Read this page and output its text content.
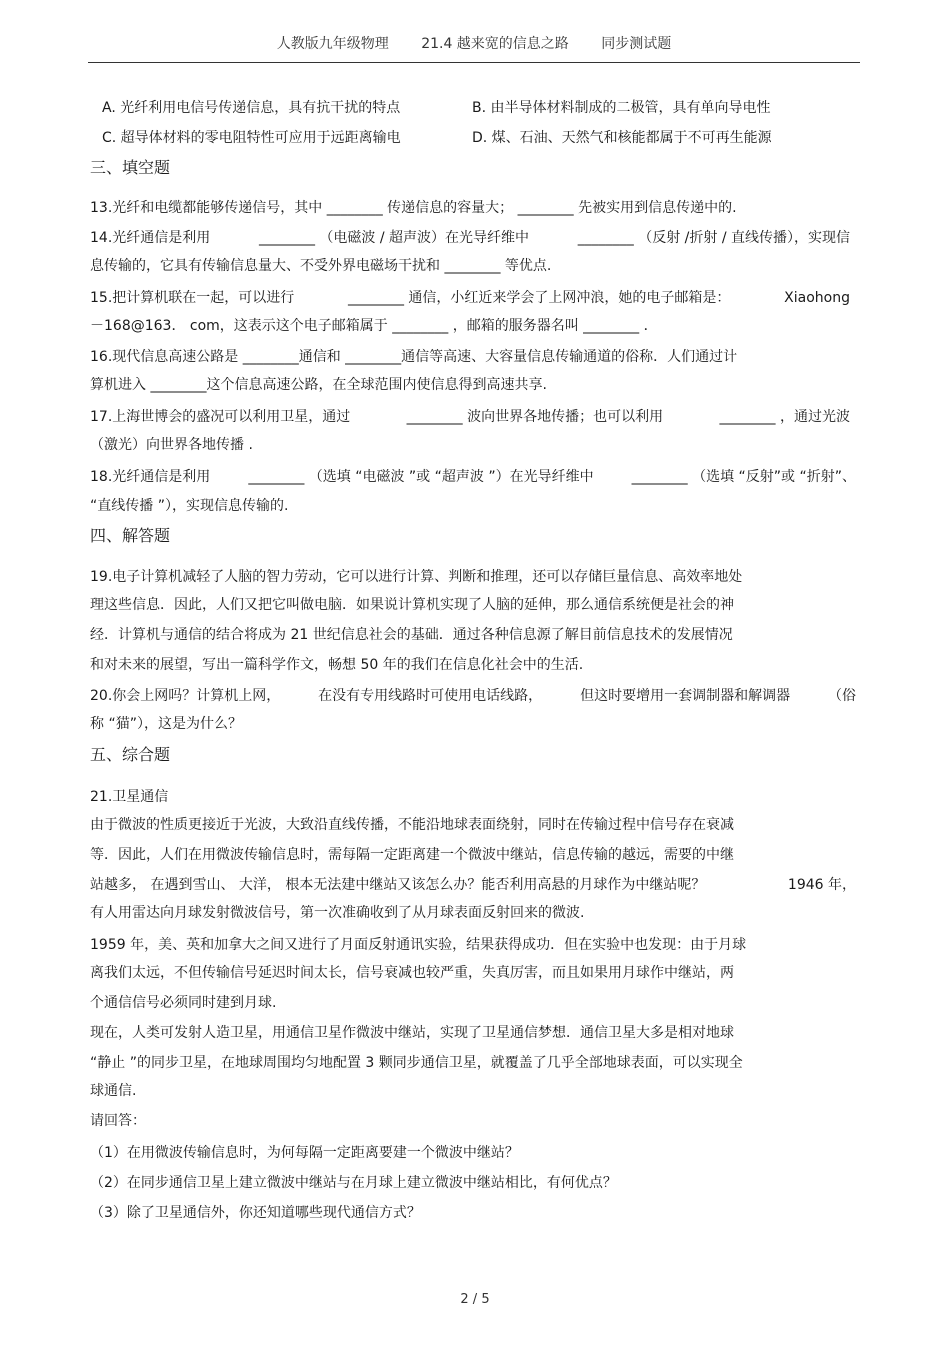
人教版九年级物理 21.4 越来宽的信息之路 同步测试题
A. 光纤利用电信号传递信息，具有抗干扰的特点	B. 由半导体材料制成的二极管，具有单向导电性
C. 超导体材料的零电阻特性可应用于远距离输电	D. 煤、石油、天然气和核能都属于不可再生能源
三、填空题
13.光纤和电缆都能够传递信号，其中 ________ 传递信息的容量大； ________ 先被实用到信息传递中的.
14.光纤通信是利用	________ （电磁波 / 超声波）在光导纤维中	________ （反射 /折射 / 直线传播），实现信
息传输的，它具有传输信息量大、不受外界电磁场干扰和 ________ 等优点.
15.把计算机联在一起，可以进行	________ 通信，小红近来学会了上网冲浪，她的电子邮箱是：	Xiaohong
－168@163． com，这表示这个电子邮箱属于 ________ ，邮箱的服务器名叫 ________ ．
16.现代信息高速公路是 ________通信和 ________通信等高速、大容量信息传输通道的俗称．人们通过计
算机进入 ________这个信息高速公路，在全球范围内使信息得到高速共享.
17.上海世博会的盛况可以利用卫星，通过	________ 波向世界各地传播；也可以利用	________ ，通过光波
（激光）向世界各地传播 .
18.光纤通信是利用	________ （选填 “电磁波 ”或 “超声波 ”）在光导纤维中	________ （选填 “反射”或 “折射”、
“直线传播 ”），实现信息传输的.
四、解答题
19.电子计算机减轻了人脑的智力劳动，它可以进行计算、判断和推理，还可以存储巨量信息、高效率地处
理这些信息．因此，人们又把它叫做电脑．如果说计算机实现了人脑的延伸，那么通信系统便是社会的神
经．计算机与通信的结合将成为 21 世纪信息社会的基础．通过各种信息源了解目前信息技术的发展情况
和对未来的展望，写出一篇科学作文，畅想 50 年的我们在信息化社会中的生活.
20.你会上网吗？计算机上网，	在没有专用线路时可使用电话线路，	但这时要增用一套调制器和解调器	（俗
称 “猫”），这是为什么？
五、综合题
21.卫星通信
由于微波的性质更接近于光波，大致沿直线传播，不能沿地球表面绕射，同时在传输过程中信号存在衰减
等．因此，人们在用微波传输信息时，需每隔一定距离建一个微波中继站，信息传输的越远，需要的中继
站越多， 在遇到雪山、 大洋， 根本无法建中继站又该怎么办？能否利用高悬的月球作为中继站呢？	1946 年，
有人用雷达向月球发射微波信号，第一次准确收到了从月球表面反射回来的微波.
1959 年，美、英和加拿大之间又进行了月面反射通讯实验，结果获得成功．但在实验中也发现：由于月球
离我们太远，不但传输信号延迟时间太长，信号衰减也较严重，失真厉害，而且如果用月球作中继站，两
个通信信号必须同时建到月球.
现在，人类可发射人造卫星，用通信卫星作微波中继站，实现了卫星通信梦想．通信卫星大多是相对地球
“静止 ”的同步卫星，在地球周围均匀地配置 3 颗同步通信卫星，就覆盖了几乎全部地球表面，可以实现全
球通信.
请回答：
（1）在用微波传输信息时，为何每隔一定距离要建一个微波中继站？
（2）在同步通信卫星上建立微波中继站与在月球上建立微波中继站相比，有何优点？
（3）除了卫星通信外，你还知道哪些现代通信方式？
2 / 5
